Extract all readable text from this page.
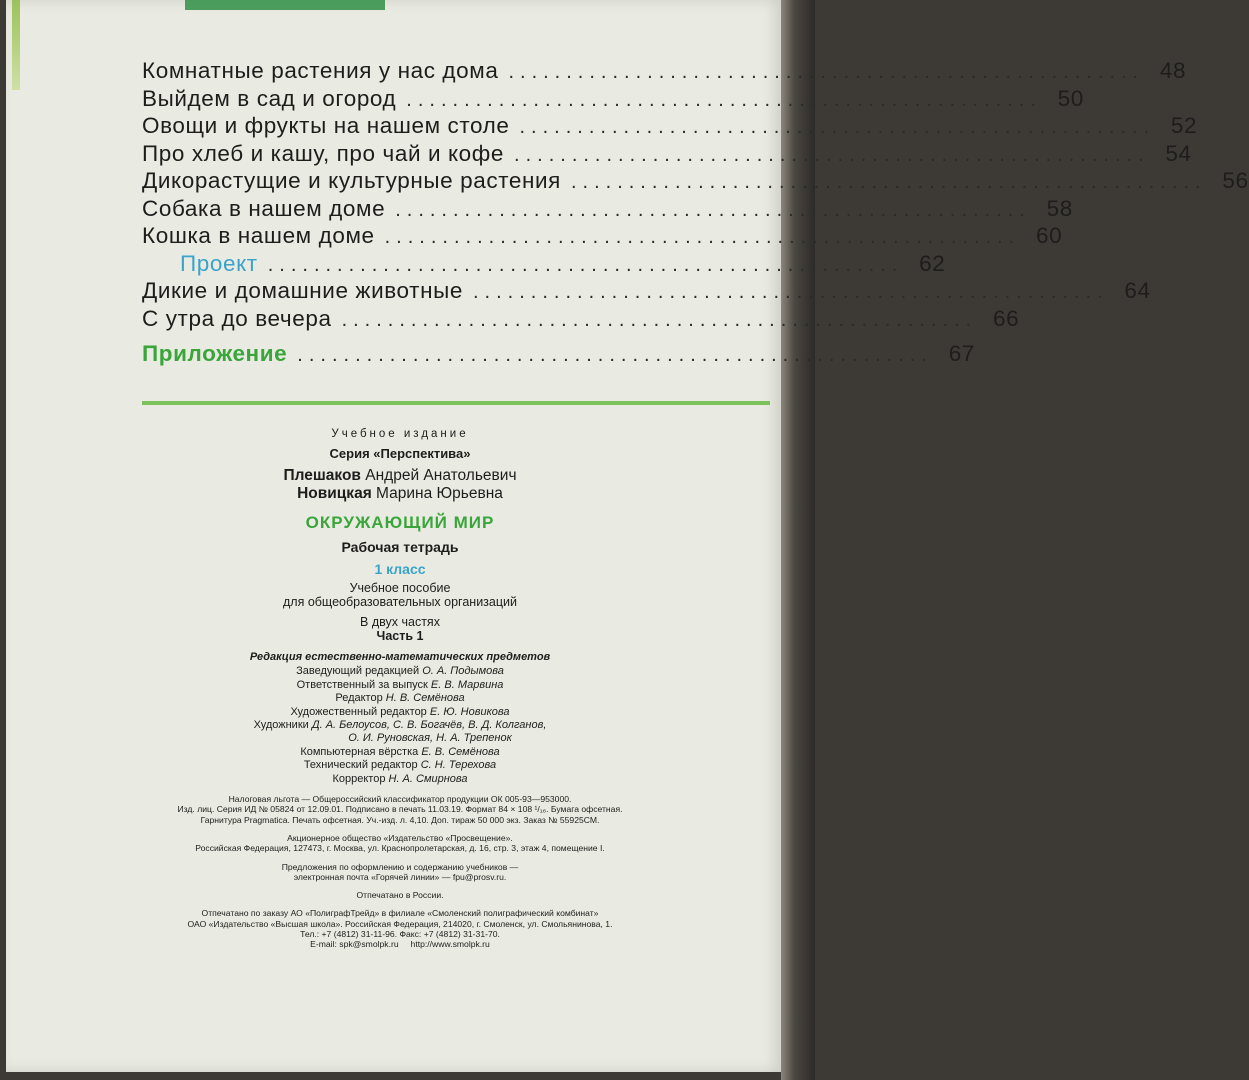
Комнатные растения у нас дома ....................................................... 48
Выйдем в сад и огород ....................................................... 50
Овощи и фрукты на нашем столе ....................................................... 52
Про хлеб и кашу, про чай и кофе ....................................................... 54
Дикорастущие и культурные растения ....................................................... 56
Собака в нашем доме ....................................................... 58
Кошка в нашем доме ....................................................... 60
Проект ....................................................... 62
Дикие и домашние животные ....................................................... 64
С утра до вечера ....................................................... 66
Приложение ....................................................... 67
Учебное издание
Серия «Перспектива»
Плешаков Андрей Анатольевич
Новицкая Марина Юрьевна
ОКРУЖАЮЩИЙ МИР
Рабочая тетрадь
1 класс
Учебное пособие
для общеобразовательных организаций
В двух частях
Часть 1
Редакция естественно-математических предметов
Заведующий редакцией О. А. Подымова
Ответственный за выпуск Е. В. Марвина
Редактор Н. В. Семёнова
Художественный редактор Е. Ю. Новикова
Художники Д. А. Белоусов, С. В. Богачёв, В. Д. Колганов,
О. И. Руновская, Н. А. Трепенок
Компьютерная вёрстка Е. В. Семёнова
Технический редактор С. Н. Терехова
Корректор Н. А. Смирнова

Налоговая льгота — Общероссийский классификатор продукции ОК 005-93—953000.

Изд. лиц. Серия ИД № 05824 от 12.09.01. Подписано в печать 11.03.19. Формат 84 × 108 ¹/₁₆. Бумага офсетная.

Гарнитура Pragmatica. Печать офсетная. Уч.-изд. л. 4,10. Доп. тираж 50 000 экз. Заказ № 55925СМ.

Акционерное общество «Издательство «Просвещение».

Российская Федерация, 127473, г. Москва, ул. Краснопролетарская, д. 16, стр. 3, этаж 4, помещение I.

Предложения по оформлению и содержанию учебников —

электронная почта «Горячей линии» — fpu@prosv.ru.

Отпечатано в России.

Отпечатано по заказу АО «ПолиграфТрейд» в филиале «Смоленский полиграфический комбинат»

ОАО «Издательство «Высшая школа». Российская Федерация, 214020, г. Смоленск, ул. Смольянинова, 1.

Тел.: +7 (4812) 31-11-96. Факс: +7 (4812) 31-31-70.

E-mail: spk@smolpk.ru     http://www.smolpk.ru
